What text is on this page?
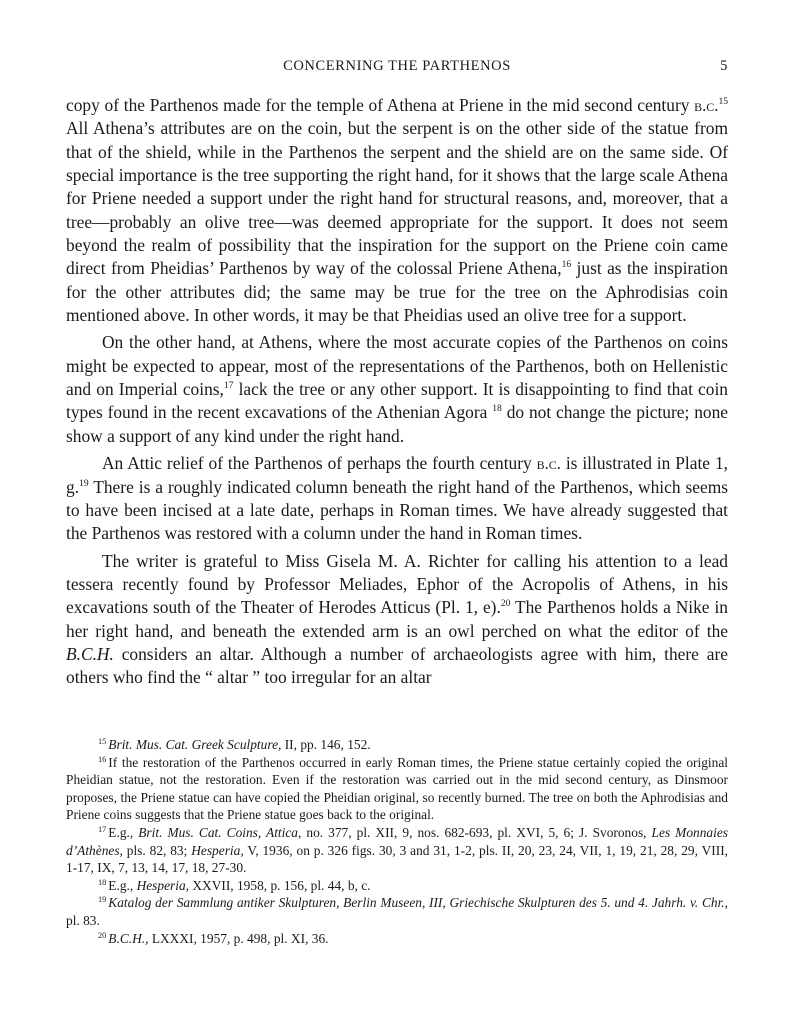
CONCERNING THE PARTHENOS	5

copy of the Parthenos made for the temple of Athena at Priene in the mid second century b.c.$^{15}$ All Athena’s attributes are on the coin, but the serpent is on the other side of the statue from that of the shield, while in the Parthenos the serpent and the shield are on the same side. Of special importance is the tree supporting the right hand, for it shows that the large scale Athena for Priene needed a support under the right hand for structural reasons, and, moreover, that a tree—probably an olive tree—was deemed appropriate for the support. It does not seem beyond the realm of possibility that the inspiration for the support on the Priene coin came direct from Pheidias’ Parthenos by way of the colossal Priene Athena,$^{16}$ just as the inspiration for the other attributes did; the same may be true for the tree on the Aphrodisias coin mentioned above. In other words, it may be that Pheidias used an olive tree for a support.

On the other hand, at Athens, where the most accurate copies of the Parthenos on coins might be expected to appear, most of the representations of the Parthenos, both on Hellenistic and on Imperial coins,$^{17}$ lack the tree or any other support. It is disappointing to find that coin types found in the recent excavations of the Athenian Agora $^{18}$ do not change the picture; none show a support of any kind under the right hand.

An Attic relief of the Parthenos of perhaps the fourth century b.c. is illustrated in Plate 1, g.$^{19}$ There is a roughly indicated column beneath the right hand of the Parthenos, which seems to have been incised at a late date, perhaps in Roman times. We have already suggested that the Parthenos was restored with a column under the hand in Roman times.

The writer is grateful to Miss Gisela M. A. Richter for calling his attention to a lead tessera recently found by Professor Meliades, Ephor of the Acropolis of Athens, in his excavations south of the Theater of Herodes Atticus (Pl. 1, e).$^{20}$ The Parthenos holds a Nike in her right hand, and beneath the extended arm is an owl perched on what the editor of the B.C.H. considers an altar. Although a number of archaeologists agree with him, there are others who find the “ altar ” too irregular for an altar

$^{15}$ Brit. Mus. Cat. Greek Sculpture, II, pp. 146, 152.

$^{16}$ If the restoration of the Parthenos occurred in early Roman times, the Priene statue certainly copied the original Pheidian statue, not the restoration. Even if the restoration was carried out in the mid second century, as Dinsmoor proposes, the Priene statue can have copied the Pheidian original, so recently burned. The tree on both the Aphrodisias and Priene coins suggests that the Priene statue goes back to the original.

$^{17}$ E.g., Brit. Mus. Cat. Coins, Attica, no. 377, pl. XII, 9, nos. 682-693, pl. XVI, 5, 6; J. Svoronos, Les Monnaies d’Athènes, pls. 82, 83; Hesperia, V, 1936, on p. 326 figs. 30, 3 and 31, 1-2, pls. II, 20, 23, 24, VII, 1, 19, 21, 28, 29, VIII, 1-17, IX, 7, 13, 14, 17, 18, 27-30.

$^{18}$ E.g., Hesperia, XXVII, 1958, p. 156, pl. 44, b, c.

$^{19}$ Katalog der Sammlung antiker Skulpturen, Berlin Museen, III, Griechische Skulpturen des 5. und 4. Jahrh. v. Chr., pl. 83.

$^{20}$ B.C.H., LXXXI, 1957, p. 498, pl. XI, 36.
